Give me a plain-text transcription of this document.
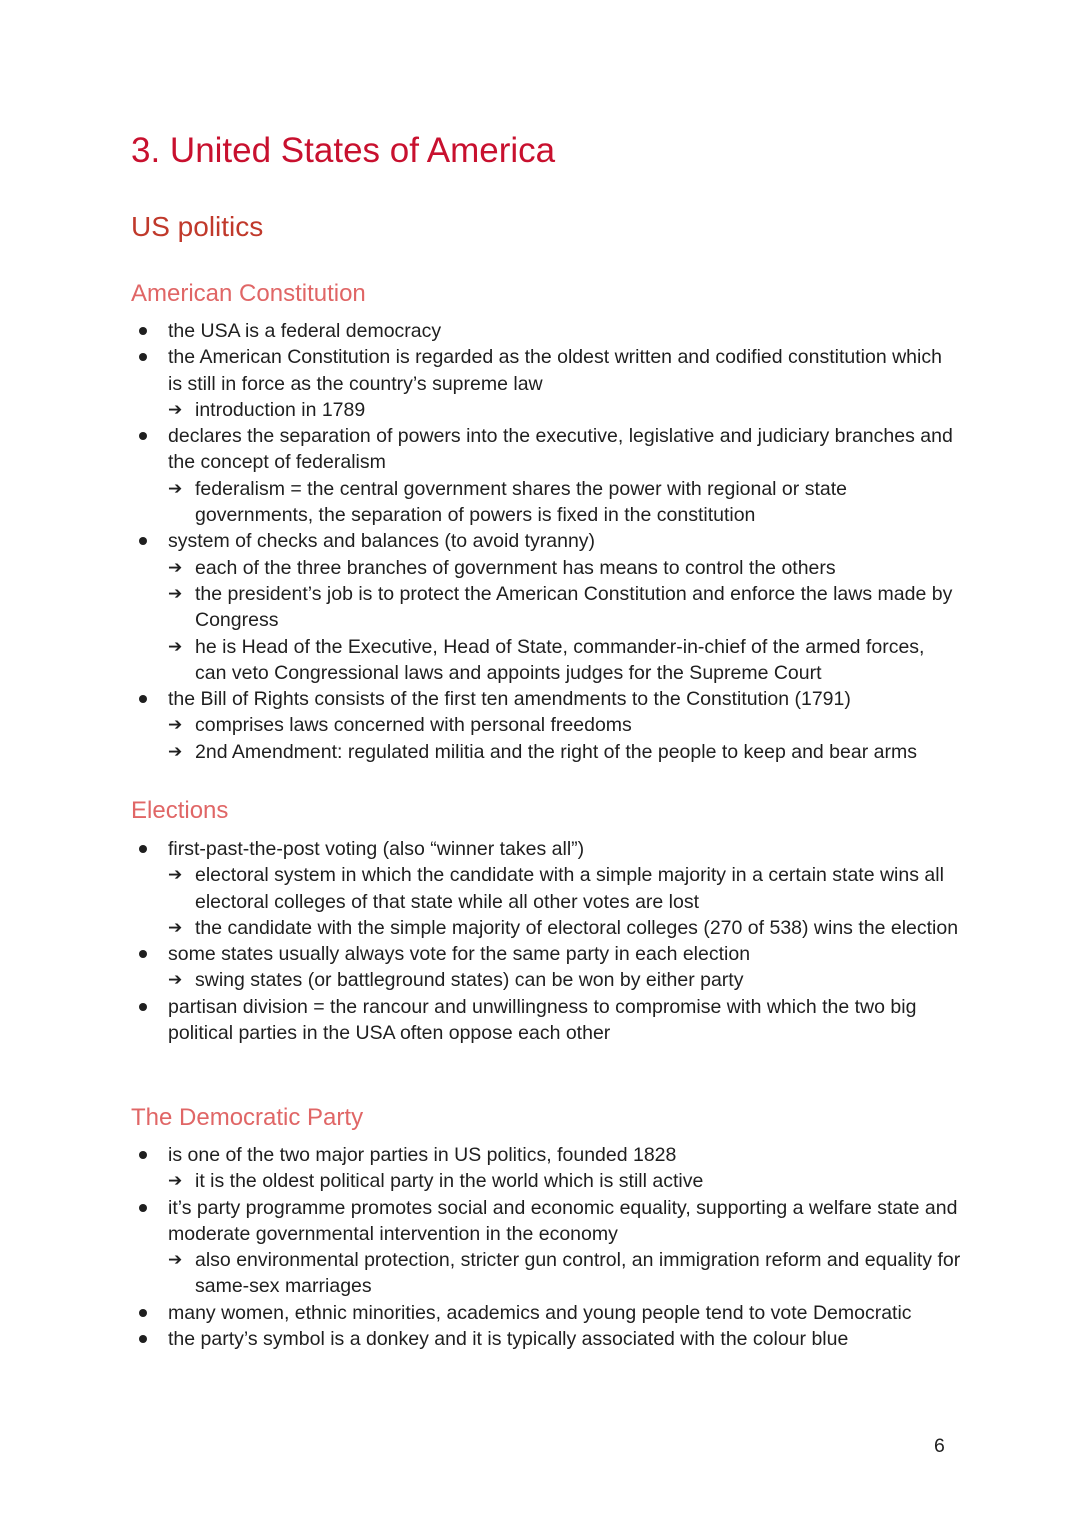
3. United States of America
US politics
American Constitution
the USA is a federal democracy
the American Constitution is regarded as the oldest written and codified constitution which is still in force as the country’s supreme law
➔ introduction in 1789
declares the separation of powers into the executive, legislative and judiciary branches and the concept of federalism
➔ federalism = the central government shares the power with regional or state governments, the separation of powers is fixed in the constitution
system of checks and balances (to avoid tyranny)
➔ each of the three branches of government has means to control the others
➔ the president’s job is to protect the American Constitution and enforce the laws made by Congress
➔ he is Head of the Executive, Head of State, commander-in-chief of the armed forces, can veto Congressional laws and appoints judges for the Supreme Court
the Bill of Rights consists of the first ten amendments to the Constitution (1791)
➔ comprises laws concerned with personal freedoms
➔ 2nd Amendment: regulated militia and the right of the people to keep and bear arms
Elections
first-past-the-post voting (also “winner takes all”)
➔ electoral system in which the candidate with a simple majority in a certain state wins all electoral colleges of that state while all other votes are lost
➔ the candidate with the simple majority of electoral colleges (270 of 538) wins the election
some states usually always vote for the same party in each election
➔ swing states (or battleground states) can be won by either party
partisan division = the rancour and unwillingness to compromise with which the two big political parties in the USA often oppose each other
The Democratic Party
is one of the two major parties in US politics, founded 1828
➔ it is the oldest political party in the world which is still active
it’s party programme promotes social and economic equality, supporting a welfare state and moderate governmental intervention in the economy
➔ also environmental protection, stricter gun control, an immigration reform and equality for same-sex marriages
many women, ethnic minorities, academics and young people tend to vote Democratic
the party’s symbol is a donkey and it is typically associated with the colour blue
6
